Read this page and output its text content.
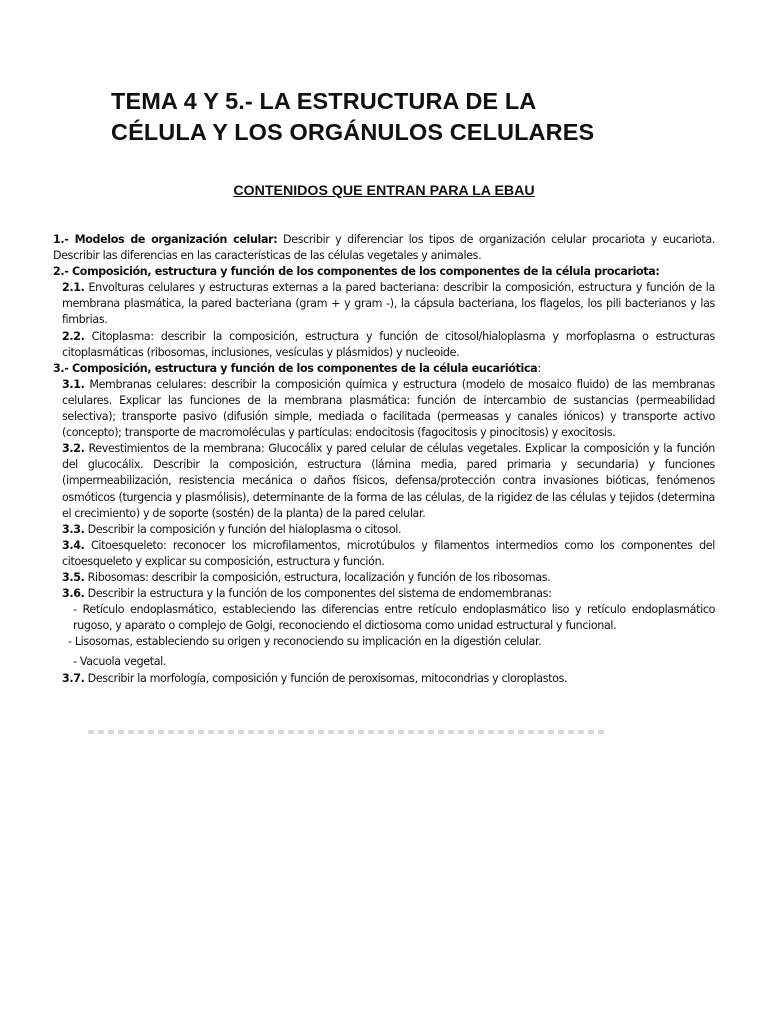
TEMA 4 Y 5.- LA ESTRUCTURA DE LA
CÉLULA Y LOS ORGÁNULOS CELULARES

CONTENIDOS QUE ENTRAN PARA LA EBAU

1.- Modelos de organización celular: Describir y diferenciar los tipos de organización celular procariota y eucariota. Describir las diferencias en las características de las células vegetales y animales.

2.- Composición, estructura y función de los componentes de los componentes de la célula procariota:

2.1. Envolturas celulares y estructuras externas a la pared bacteriana: describir la composición, estructura y función de la membrana plasmática, la pared bacteriana (gram + y gram -), la cápsula bacteriana, los flagelos, los pili bacterianos y las fimbrias.

2.2. Citoplasma: describir la composición, estructura y función de citosol/hialoplasma y morfoplasma o estructuras citoplasmáticas (ribosomas, inclusiones, vesículas y plásmidos) y nucleoide.

3.- Composición, estructura y función de los componentes de la célula eucariótica:

3.1. Membranas celulares: describir la composición química y estructura (modelo de mosaico fluido) de las membranas celulares. Explicar las funciones de la membrana plasmática: función de intercambio de sustancias (permeabilidad selectiva); transporte pasivo (difusión simple, mediada o facilitada (permeasas y canales iónicos) y transporte activo (concepto); transporte de macromoléculas y partículas: endocitosis (fagocitosis y pinocitosis) y exocitosis.

3.2. Revestimientos de la membrana: Glucocálix y pared celular de células vegetales. Explicar la composición y la función del glucocálix. Describir la composición, estructura (lámina media, pared primaria y secundaria) y funciones (impermeabilización, resistencia mecánica o daños físicos, defensa/protección contra invasiones bióticas, fenómenos osmóticos (turgencia y plasmólisis), determinante de la forma de las células, de la rigidez de las células y tejidos (determina el crecimiento) y de soporte (sostén) de la planta) de la pared celular.

3.3. Describir la composición y función del hialoplasma o citosol.

3.4. Citoesqueleto: reconocer los microfilamentos, microtúbulos y filamentos intermedios como los componentes del citoesqueleto y explicar su composición, estructura y función.

3.5. Ribosomas: describir la composición, estructura, localización y función de los ribosomas.

3.6. Describir la estructura y la función de los componentes del sistema de endomembranas:

- Retículo endoplasmático, estableciendo las diferencias entre retículo endoplasmático liso y retículo endoplasmático rugoso, y aparato o complejo de Golgi, reconociendo el dictiosoma como unidad estructural y funcional.

- Lisosomas, estableciendo su origen y reconociendo su implicación en la digestión celular.

- Vacuola vegetal.

3.7. Describir la morfología, composición y función de peroxisomas, mitocondrias y cloroplastos.
